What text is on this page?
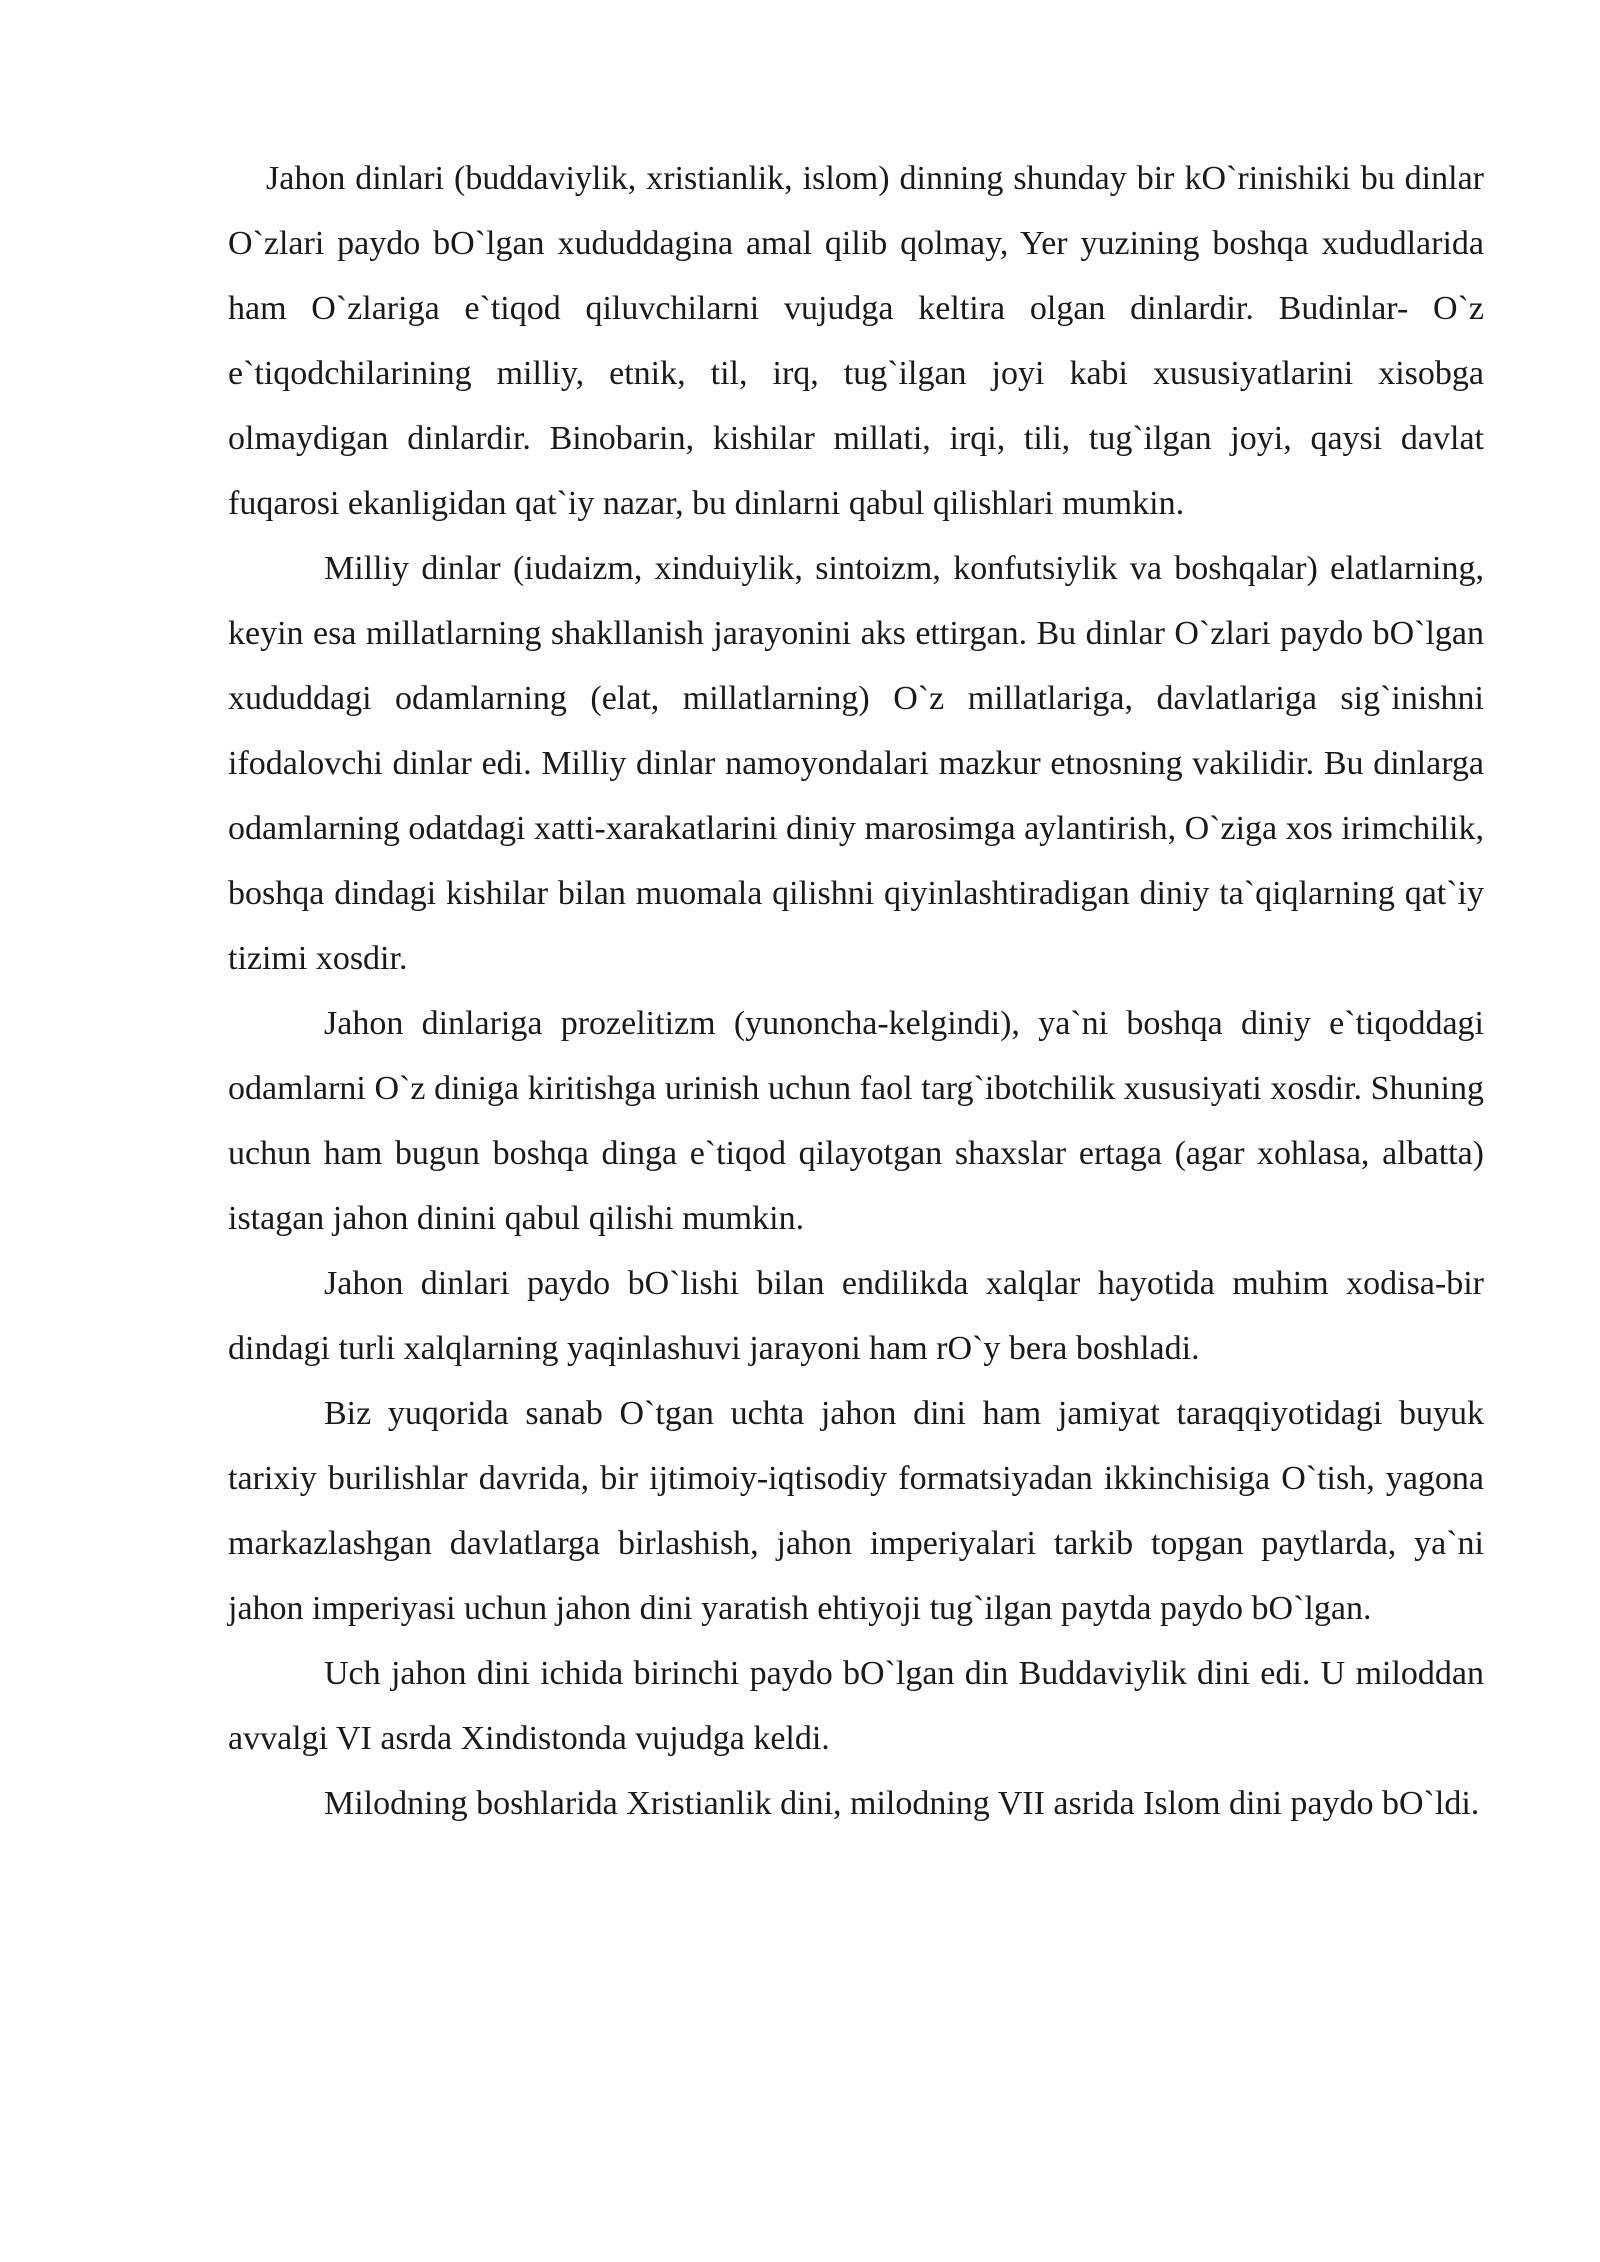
Jahon dinlari (buddaviylik, xristianlik, islom) dinning shunday bir kO`rinishiki bu dinlar O`zlari paydo bO`lgan xududdagina amal qilib qolmay, Yer yuzining boshqa xududlarida ham O`zlariga e`tiqod qiluvchilarni vujudga keltira olgan dinlardir. Budinlar- O`z e`tiqodchilarining milliy, etnik, til, irq, tug`ilgan joyi kabi xususiyatlarini xisobga olmaydigan dinlardir. Binobarin, kishilar millati, irqi, tili, tug`ilgan joyi, qaysi davlat fuqarosi ekanligidan qat`iy nazar, bu dinlarni qabul qilishlari mumkin.

Milliy dinlar (iudaizm, xinduiylik, sintoizm, konfutsiylik va boshqalar) elatlarning, keyin esa millatlarning shakllanish jarayonini aks ettirgan. Bu dinlar O`zlari paydo bO`lgan xududdagi odamlarning (elat, millatlarning) O`z millatlariga, davlatlariga sig`inishni ifodalovchi dinlar edi. Milliy dinlar namoyondalari mazkur etnosning vakilidir. Bu dinlarga odamlarning odatdagi xatti-xarakatlarini diniy marosimga aylantirish, O`ziga xos irimchilik, boshqa dindagi kishilar bilan muomala qilishni qiyinlashtiradigan diniy ta`qiqlarning qat`iy tizimi xosdir.

Jahon dinlariga prozelitizm (yunoncha-kelgindi), ya`ni boshqa diniy e`tiqoddagi odamlarni O`z diniga kiritishga urinish uchun faol targ`ibotchilik xususiyati xosdir. Shuning uchun ham bugun boshqa dinga e`tiqod qilayotgan shaxslar ertaga (agar xohlasa, albatta) istagan jahon dinini qabul qilishi mumkin.

Jahon dinlari paydo bO`lishi bilan endilikda xalqlar hayotida muhim xodisa-bir dindagi turli xalqlarning yaqinlashuvi jarayoni ham rO`y bera boshladi.

Biz yuqorida sanab O`tgan uchta jahon dini ham jamiyat taraqqiyotidagi buyuk tarixiy burilishlar davrida, bir ijtimoiy-iqtisodiy formatsiyadan ikkinchisiga O`tish, yagona markazlashgan davlatlarga birlashish, jahon imperiyalari tarkib topgan paytlarda, ya`ni jahon imperiyasi uchun jahon dini yaratish ehtiyoji tug`ilgan paytda paydo bO`lgan.

Uch jahon dini ichida birinchi paydo bO`lgan din Buddaviylik dini edi. U miloddan avvalgi VI asrda Xindistonda vujudga keldi.

Milodning boshlarida Xristianlik dini, milodning VII asrida Islom dini paydo bO`ldi.
